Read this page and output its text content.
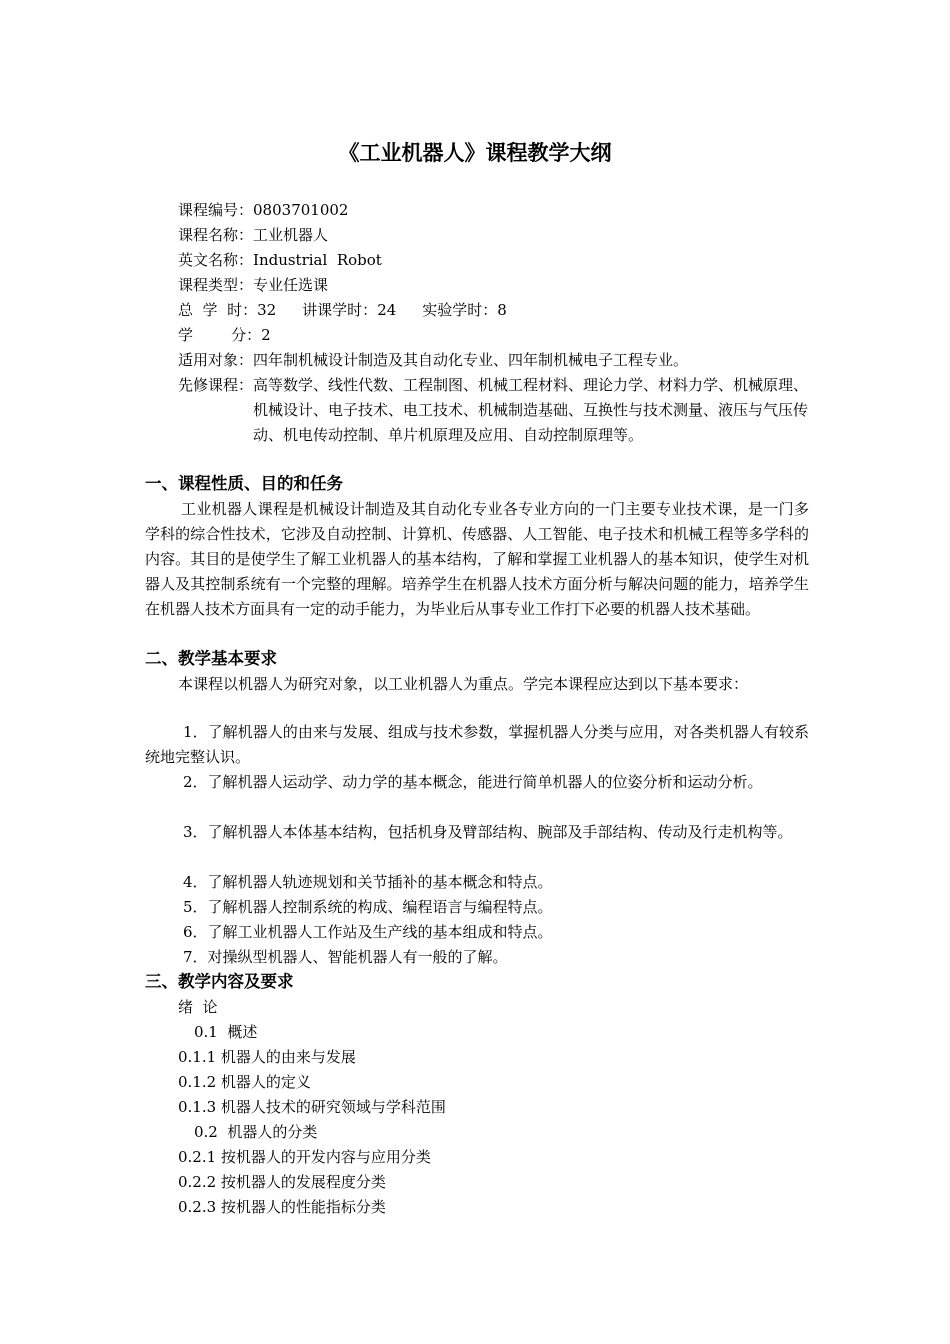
《工业机器人》课程教学大纲
课程编号： 0803701002
课程名称： 工业机器人
英文名称： Industrial  Robot
课程类型： 专业任选课
总  学  时： 32 讲课学时： 24 实验学时： 8
学        分： 2
适用对象： 四年制机械设计制造及其自动化专业、四年制机械电子工程专业。
先修课程： 高等数学、线性代数、工程制图、机械工程材料、理论力学、材料力学、机械原理、机械设计、电子技术、电工技术、机械制造基础、互换性与技术测量、液压与气压传动、机电传动控制、单片机原理及应用、自动控制原理等。
一、课程性质、目的和任务
工业机器人课程是机械设计制造及其自动化专业各专业方向的一门主要专业技术课，是一门多学科的综合性技术，它涉及自动控制、计算机、传感器、人工智能、电子技术和机械工程等多学科的内容。其目的是使学生了解工业机器人的基本结构，了解和掌握工业机器人的基本知识，使学生对机器人及其控制系统有一个完整的理解。培养学生在机器人技术方面分析与解决问题的能力，培养学生在机器人技术方面具有一定的动手能力，为毕业后从事专业工作打下必要的机器人技术基础。
二、教学基本要求
本课程以机器人为研究对象，以工业机器人为重点。学完本课程应达到以下基本要求：
1．了解机器人的由来与发展、组成与技术参数，掌握机器人分类与应用，对各类机器人有较系统地完整认识。
2．了解机器人运动学、动力学的基本概念，能进行简单机器人的位姿分析和运动分析。
3．了解机器人本体基本结构，包括机身及臂部结构、腕部及手部结构、传动及行走机构等。
4．了解机器人轨迹规划和关节插补的基本概念和特点。
5．了解机器人控制系统的构成、编程语言与编程特点。
6．了解工业机器人工作站及生产线的基本组成和特点。
7．对操纵型机器人、智能机器人有一般的了解。
三、教学内容及要求
绪  论
0.1  概述
0.1.1 机器人的由来与发展
0.1.2 机器人的定义
0.1.3 机器人技术的研究领域与学科范围
0.2  机器人的分类
0.2.1 按机器人的开发内容与应用分类
0.2.2 按机器人的发展程度分类
0.2.3 按机器人的性能指标分类
